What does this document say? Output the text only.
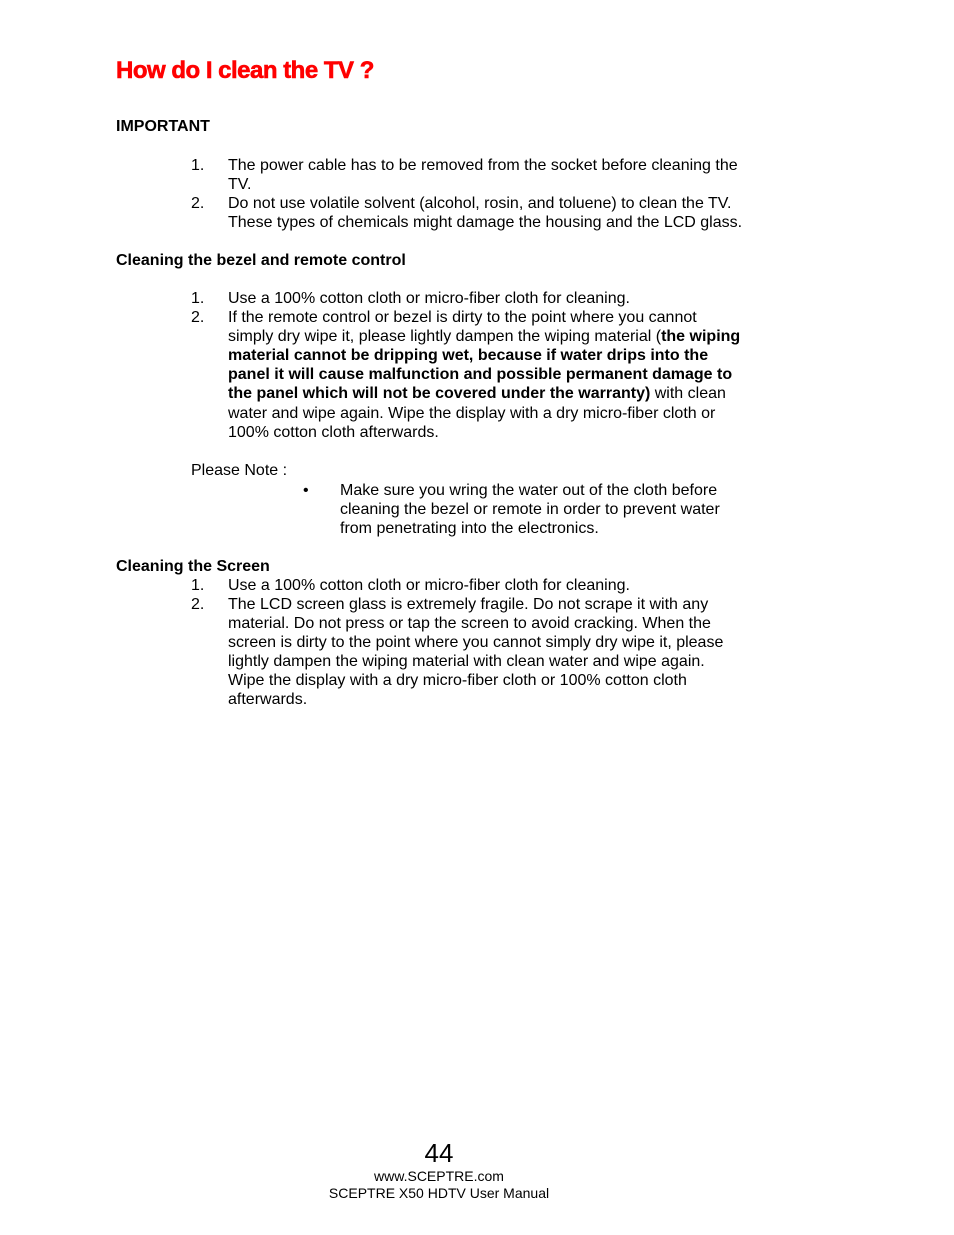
How do I clean the TV ?
IMPORTANT
1. The power cable has to be removed from the socket before cleaning the
TV.
2. Do not use volatile solvent (alcohol, rosin, and toluene) to clean the TV.
These types of chemicals might damage the housing and the LCD glass.
Cleaning the bezel and remote control
1. Use a 100% cotton cloth or micro-fiber cloth for cleaning.
2. If the remote control or bezel is dirty to the point where you cannot
simply dry wipe it, please lightly dampen the wiping material (the wiping
material cannot be dripping wet, because if water drips into the
panel it will cause malfunction and possible permanent damage to
the panel which will not be covered under the warranty) with clean
water and wipe again. Wipe the display with a dry micro-fiber cloth or
100% cotton cloth afterwards.
Please Note :
• Make sure you wring the water out of the cloth before
cleaning the bezel or remote in order to prevent water
from penetrating into the electronics.
Cleaning the Screen
1. Use a 100% cotton cloth or micro-fiber cloth for cleaning.
2. The LCD screen glass is extremely fragile. Do not scrape it with any
material. Do not press or tap the screen to avoid cracking. When the
screen is dirty to the point where you cannot simply dry wipe it, please
lightly dampen the wiping material with clean water and wipe again.
Wipe the display with a dry micro-fiber cloth or 100% cotton cloth
afterwards.
44
www.SCEPTRE.com
SCEPTRE X50 HDTV User Manual
